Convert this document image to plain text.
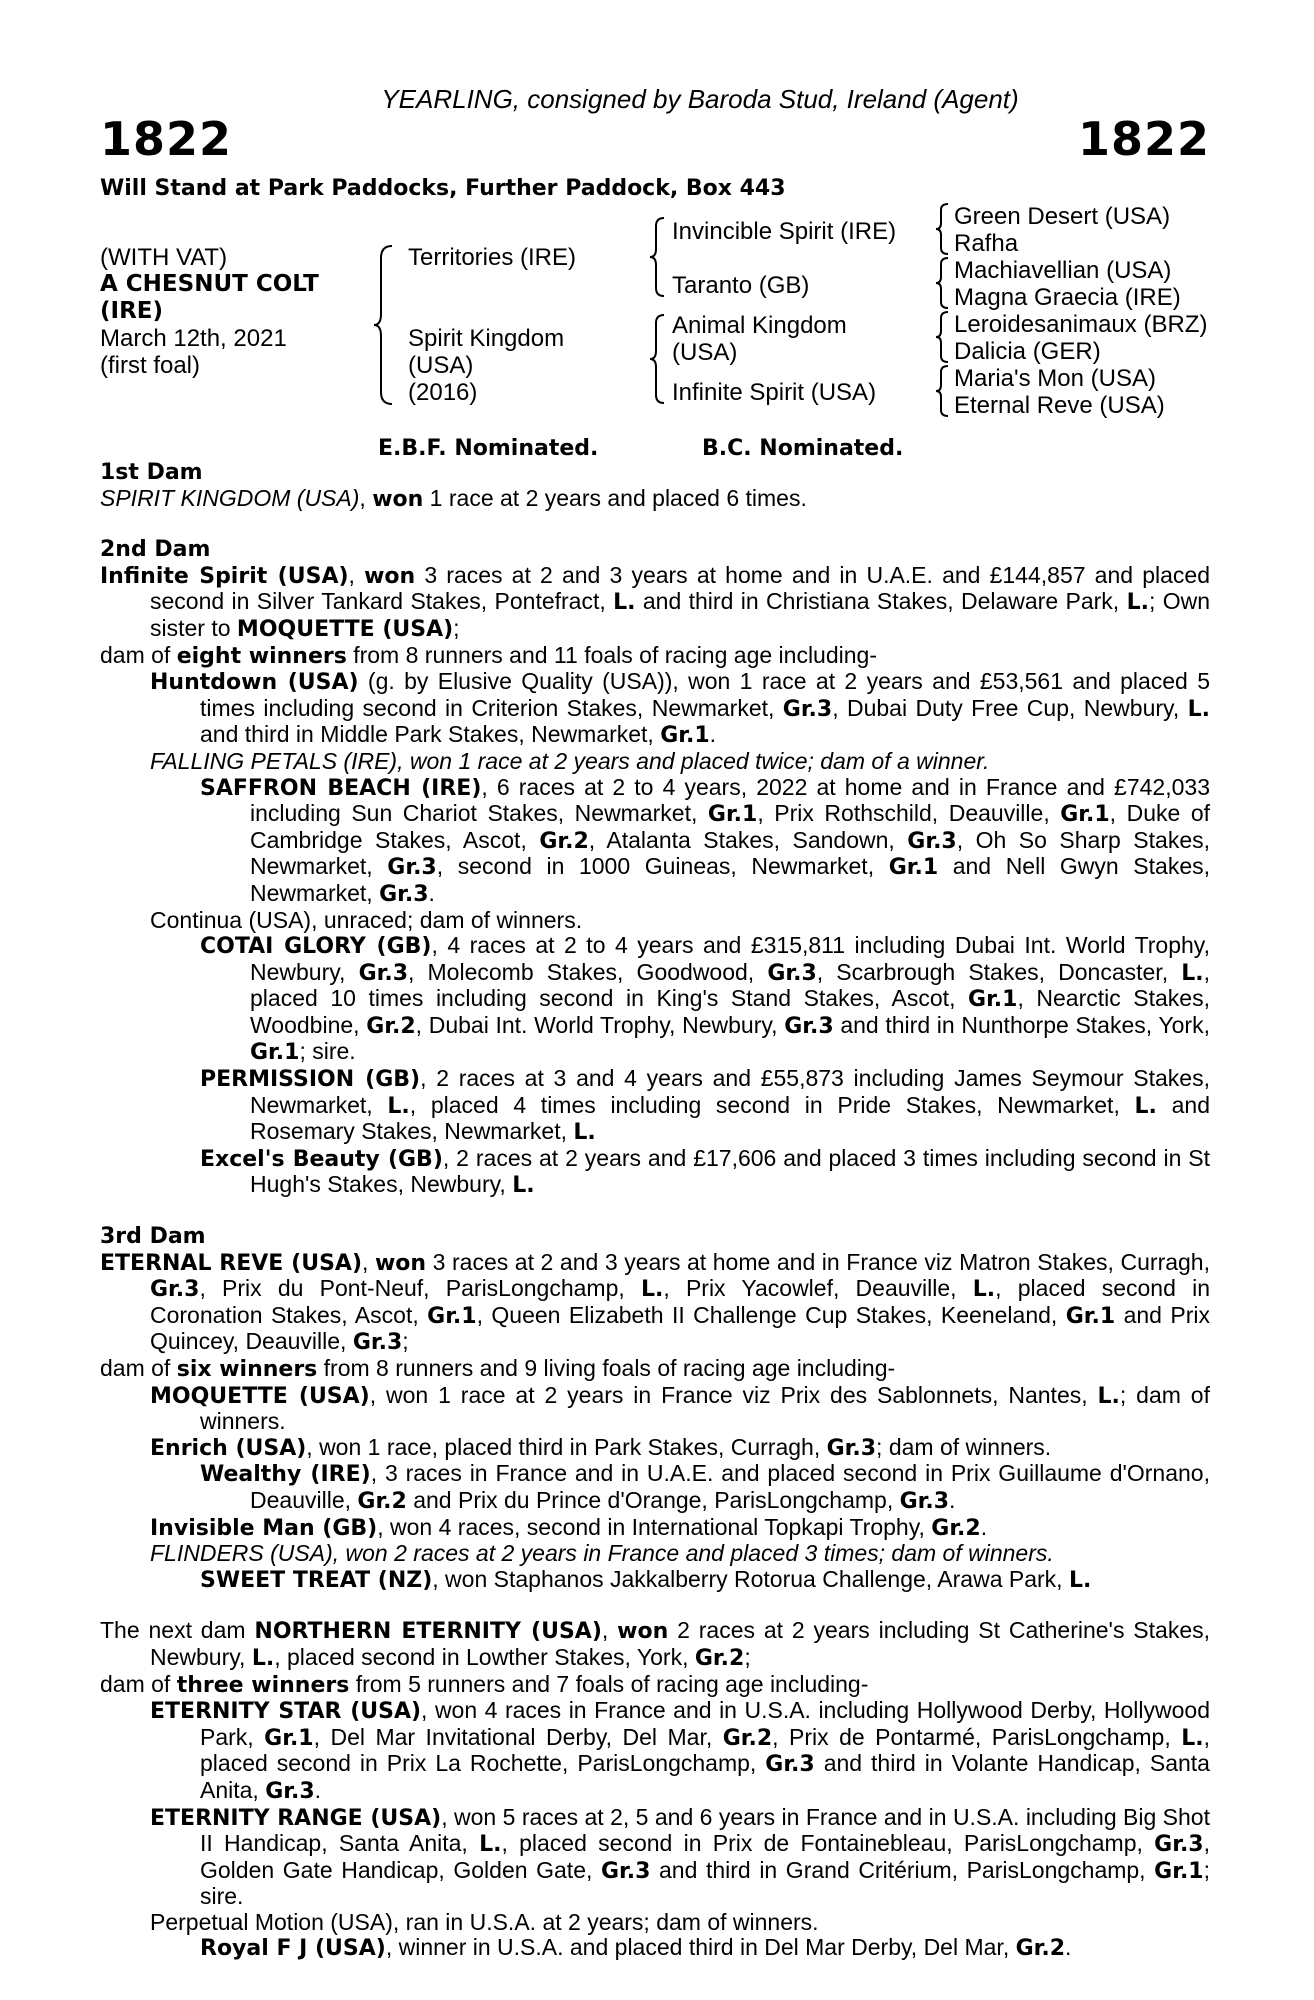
YEARLING, consigned by Baroda Stud, Ireland (Agent)
1822	1822
Will Stand at Park Paddocks, Further Paddock, Box 443
(WITH VAT)
A CHESNUT COLT
(IRE)
March 12th, 2021
(first foal)
Territories (IRE)
Spirit Kingdom
(USA)
(2016)
Invincible Spirit (IRE)
Taranto (GB)
Animal Kingdom
(USA)
Infinite Spirit (USA)
Green Desert (USA)
Rafha
Machiavellian (USA)
Magna Graecia (IRE)
Leroidesanimaux (BRZ)
Dalicia (GER)
Maria's Mon (USA)
Eternal Reve (USA)
E.B.F. Nominated.	B.C. Nominated.
1st Dam

SPIRIT KINGDOM (USA), won 1 race at 2 years and placed 6 times.

2nd Dam

Infinite Spirit (USA), won 3 races at 2 and 3 years at home and in U.A.E. and £144,857 and placed second in Silver Tankard Stakes, Pontefract, L. and third in Christiana Stakes, Delaware Park, L.; Own sister to MOQUETTE (USA);

dam of eight winners from 8 runners and 11 foals of racing age including-

Huntdown (USA) (g. by Elusive Quality (USA)), won 1 race at 2 years and £53,561 and placed 5 times including second in Criterion Stakes, Newmarket, Gr.3, Dubai Duty Free Cup, Newbury, L. and third in Middle Park Stakes, Newmarket, Gr.1.

FALLING PETALS (IRE), won 1 race at 2 years and placed twice; dam of a winner.

SAFFRON BEACH (IRE), 6 races at 2 to 4 years, 2022 at home and in France and £742,033 including Sun Chariot Stakes, Newmarket, Gr.1, Prix Rothschild, Deauville, Gr.1, Duke of Cambridge Stakes, Ascot, Gr.2, Atalanta Stakes, Sandown, Gr.3, Oh So Sharp Stakes, Newmarket, Gr.3, second in 1000 Guineas, Newmarket, Gr.1 and Nell Gwyn Stakes, Newmarket, Gr.3.

Continua (USA), unraced; dam of winners.

COTAI GLORY (GB), 4 races at 2 to 4 years and £315,811 including Dubai Int. World Trophy, Newbury, Gr.3, Molecomb Stakes, Goodwood, Gr.3, Scarbrough Stakes, Doncaster, L., placed 10 times including second in King's Stand Stakes, Ascot, Gr.1, Nearctic Stakes, Woodbine, Gr.2, Dubai Int. World Trophy, Newbury, Gr.3 and third in Nunthorpe Stakes, York, Gr.1; sire.

PERMISSION (GB), 2 races at 3 and 4 years and £55,873 including James Seymour Stakes, Newmarket, L., placed 4 times including second in Pride Stakes, Newmarket, L. and Rosemary Stakes, Newmarket, L.

Excel's Beauty (GB), 2 races at 2 years and £17,606 and placed 3 times including second in St Hugh's Stakes, Newbury, L.

3rd Dam

ETERNAL REVE (USA), won 3 races at 2 and 3 years at home and in France viz Matron Stakes, Curragh, Gr.3, Prix du Pont-Neuf, ParisLongchamp, L., Prix Yacowlef, Deauville, L., placed second in Coronation Stakes, Ascot, Gr.1, Queen Elizabeth II Challenge Cup Stakes, Keeneland, Gr.1 and Prix Quincey, Deauville, Gr.3;

dam of six winners from 8 runners and 9 living foals of racing age including-

MOQUETTE (USA), won 1 race at 2 years in France viz Prix des Sablonnets, Nantes, L.; dam of winners.

Enrich (USA), won 1 race, placed third in Park Stakes, Curragh, Gr.3; dam of winners.

Wealthy (IRE), 3 races in France and in U.A.E. and placed second in Prix Guillaume d'Ornano, Deauville, Gr.2 and Prix du Prince d'Orange, ParisLongchamp, Gr.3.

Invisible Man (GB), won 4 races, second in International Topkapi Trophy, Gr.2.

FLINDERS (USA), won 2 races at 2 years in France and placed 3 times; dam of winners.

SWEET TREAT (NZ), won Staphanos Jakkalberry Rotorua Challenge, Arawa Park, L.

The next dam NORTHERN ETERNITY (USA), won 2 races at 2 years including St Catherine's Stakes, Newbury, L., placed second in Lowther Stakes, York, Gr.2;

dam of three winners from 5 runners and 7 foals of racing age including-

ETERNITY STAR (USA), won 4 races in France and in U.S.A. including Hollywood Derby, Hollywood Park, Gr.1, Del Mar Invitational Derby, Del Mar, Gr.2, Prix de Pontarmé, ParisLongchamp, L., placed second in Prix La Rochette, ParisLongchamp, Gr.3 and third in Volante Handicap, Santa Anita, Gr.3.

ETERNITY RANGE (USA), won 5 races at 2, 5 and 6 years in France and in U.S.A. including Big Shot II Handicap, Santa Anita, L., placed second in Prix de Fontainebleau, ParisLongchamp, Gr.3, Golden Gate Handicap, Golden Gate, Gr.3 and third in Grand Critérium, ParisLongchamp, Gr.1; sire.

Perpetual Motion (USA), ran in U.S.A. at 2 years; dam of winners.

Royal F J (USA), winner in U.S.A. and placed third in Del Mar Derby, Del Mar, Gr.2.
